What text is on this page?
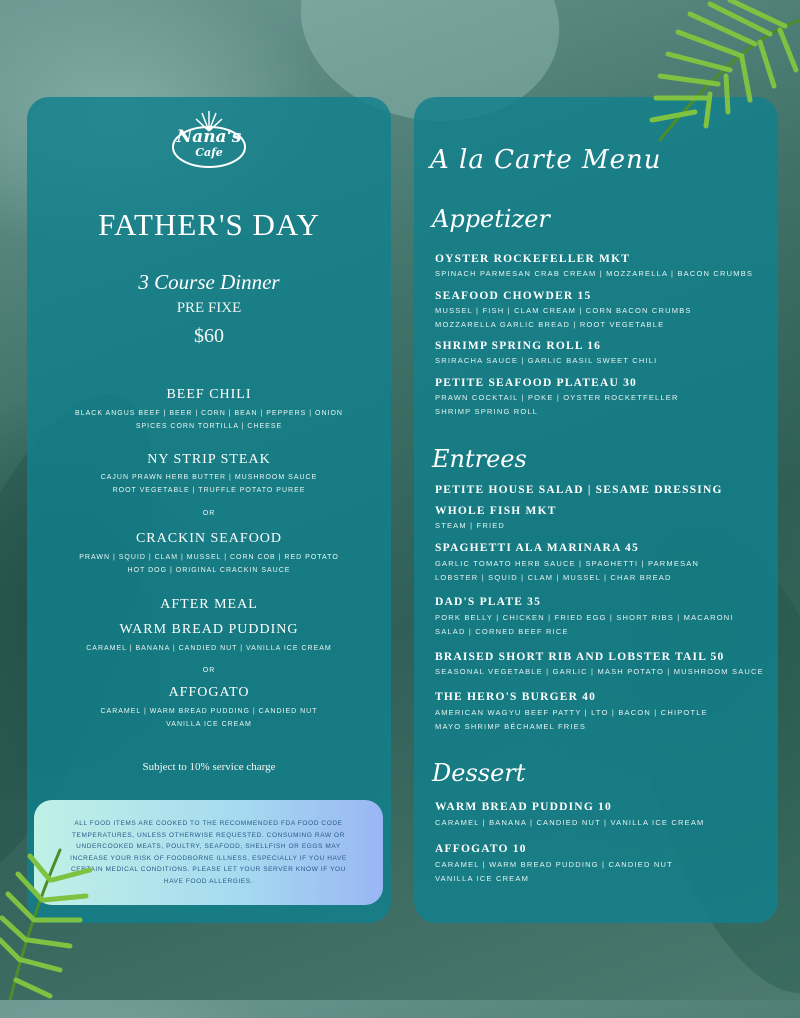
Nana's
Cafe
FATHER'S DAY
3 Course Dinner
PRE FIXE
$60
BEEF CHILI
BLACK ANGUS BEEF | BEER | CORN | BEAN | PEPPERS | ONION
SPICES CORN TORTILLA | CHEESE
NY STRIP STEAK
CAJUN PRAWN HERB BUTTER | MUSHROOM SAUCE
ROOT VEGETABLE | TRUFFLE POTATO PUREE
OR
CRACKIN SEAFOOD
PRAWN | SQUID | CLAM | MUSSEL | CORN COB | RED POTATO
HOT DOG | ORIGINAL CRACKIN SAUCE
AFTER MEAL
WARM BREAD PUDDING
CARAMEL | BANANA | CANDIED NUT | VANILLA ICE CREAM
OR
AFFOGATO
CARAMEL | WARM BREAD PUDDING | CANDIED NUT
VANILLA ICE CREAM
Subject to 10% service charge
ALL FOOD ITEMS ARE COOKED TO THE RECOMMENDED FDA FOOD CODE TEMPERATURES, UNLESS OTHERWISE REQUESTED. CONSUMING RAW OR UNDERCOOKED MEATS, POULTRY, SEAFOOD, SHELLFISH OR EGGS MAY INCREASE YOUR RISK OF FOODBORNE ILLNESS, ESPECIALLY IF YOU HAVE CERTAIN MEDICAL CONDITIONS. PLEASE LET YOUR SERVER KNOW IF YOU HAVE FOOD ALLERGIES.
A la Carte Menu
Appetizer
OYSTER ROCKEFELLER MKT
SPINACH PARMESAN CRAB CREAM | MOZZARELLA | BACON CRUMBS
SEAFOOD CHOWDER 15
MUSSEL | FISH | CLAM CREAM | CORN BACON CRUMBS
MOZZARELLA GARLIC BREAD | ROOT VEGETABLE
SHRIMP SPRING ROLL 16
SRIRACHA SAUCE | GARLIC BASIL SWEET CHILI
PETITE SEAFOOD PLATEAU 30
PRAWN COCKTAIL | POKE | OYSTER ROCKETFELLER
SHRIMP SPRING ROLL
Entrees
PETITE HOUSE SALAD | SESAME DRESSING
WHOLE FISH MKT
STEAM | FRIED
SPAGHETTI ALA MARINARA 45
GARLIC TOMATO HERB SAUCE | SPAGHETTI | PARMESAN
LOBSTER | SQUID | CLAM | MUSSEL | CHAR BREAD
DAD'S PLATE 35
PORK BELLY | CHICKEN | FRIED EGG | SHORT RIBS | MACARONI
SALAD | CORNED BEEF RICE
BRAISED SHORT RIB AND LOBSTER TAIL 50
SEASONAL VEGETABLE | GARLIC | MASH POTATO | MUSHROOM SAUCE
THE HERO'S BURGER 40
AMERICAN WAGYU BEEF PATTY | LTO | BACON | CHIPOTLE
MAYO SHRIMP BÉCHAMEL FRIES
Dessert
WARM BREAD PUDDING 10
CARAMEL | BANANA | CANDIED NUT | VANILLA ICE CREAM
AFFOGATO 10
CARAMEL | WARM BREAD PUDDING | CANDIED NUT
VANILLA ICE CREAM
